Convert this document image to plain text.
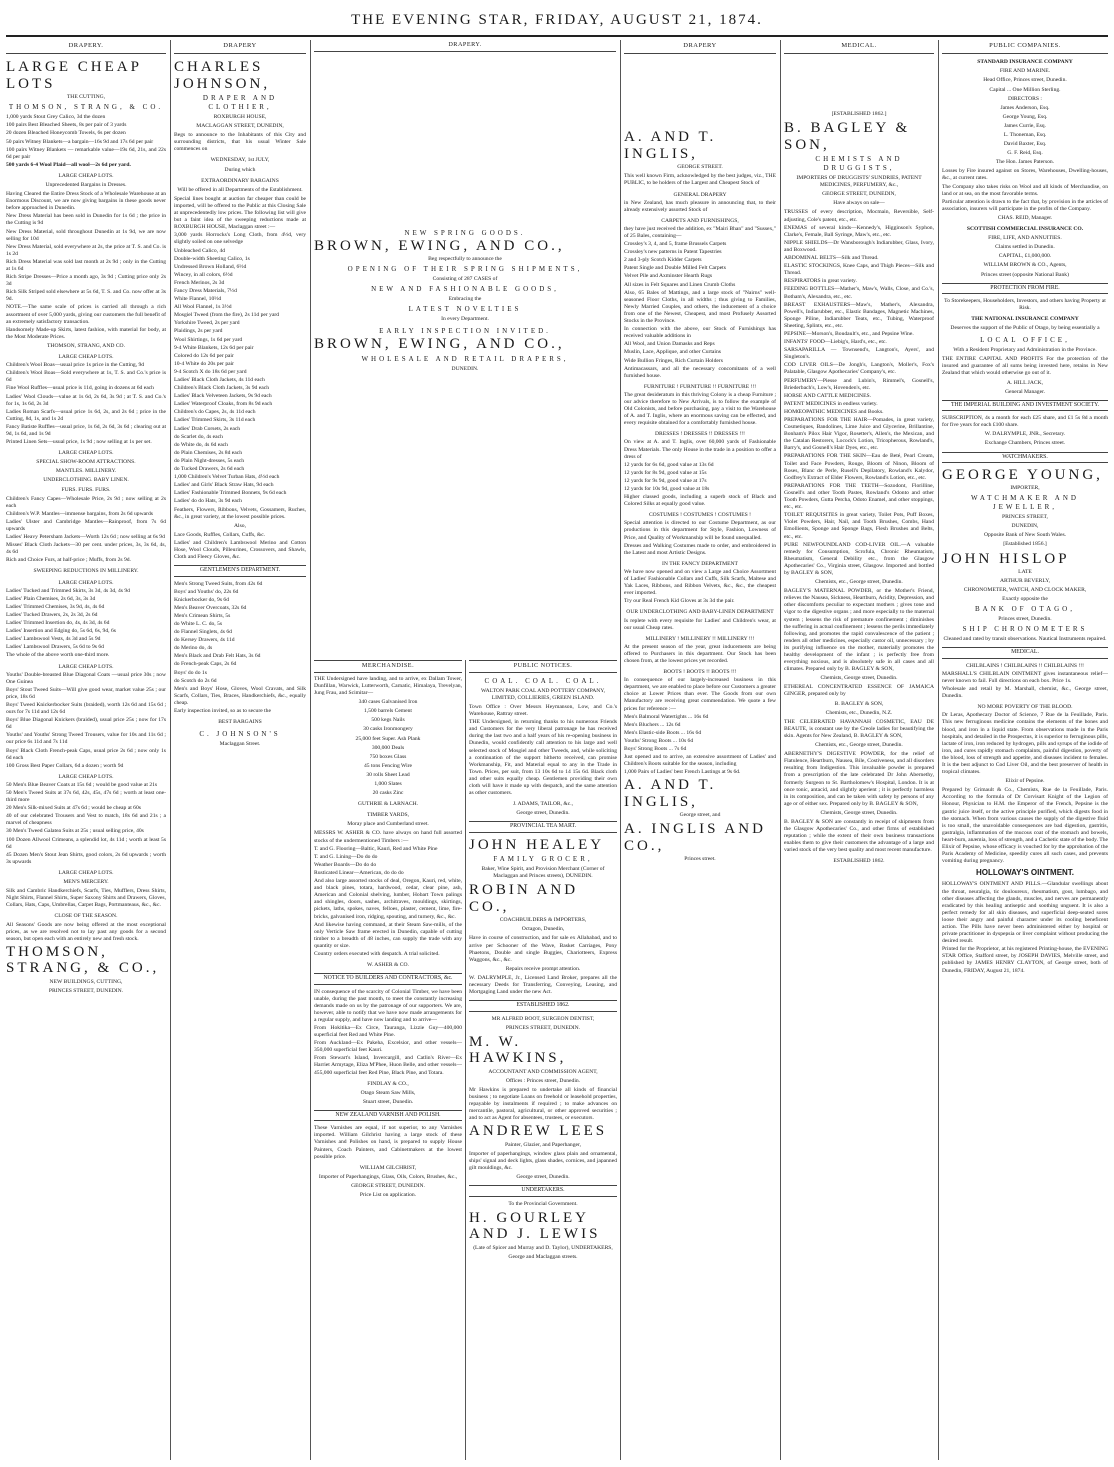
THE EVENING STAR, FRIDAY, AUGUST 21, 1874.
DRAPERY.
LARGE CHEAP LOTS
THE CUTTING,
THOMSON, STRANG, & CO.
1,000 yards Stout Grey Calico, 3d the dozen
100 pairs Best Bleached Sheets, 8s per pair of 3 yards
20 dozen Bleached Honeycomb Towels, 6s per dozen
50 pairs Witney Blankets—a bargain—16s 9d and 17s 6d per pair
100 pairs Witney Blankets — remarkable value—19s 6d, 21s, and 22s 6d per pair
500 yards 6-4 Wool Plaid—all wool—2s 6d per yard.
LARGE CHEAP LOTS.
Unprecedented Bargains in Dresses.
Having Cleared the Entire Dress Stock of a Wholesale Warehouse at an Enormous Discount, we are now giving bargains in these goods never before approached in Dunedin.
New Dress Material has been sold in Dunedin for 1s 6d ; the price in the Cutting is 9d
New Dress Material, sold throughout Dunedin at 1s 9d, we are now selling for 10d
New Dress Material, sold everywhere at 2s, the price at T. S. and Co. is 1s 2d
Rich Dress Material was sold last month at 2s 9d ; only in the Cutting at 1s 6d
Rich Stripe Dresses—Price a month ago, 3s 9d ; Cutting price only 2s 3d
Rich Silk Striped sold elsewhere at 5s 6d, T. S. and Co. now offer at 3s 9d.
NOTE.—The same scale of prices is carried all through a rich assortment of over 5,000 yards, giving our customers the full benefit of an extremely satisfactory transaction.
Handsomely Made-up Skirts, latest fashion, with material for body, at the Most Moderate Prices.
THOMSON, STRANG, AND CO.
LARGE CHEAP LOTS.
Children's Wool Boas—usual price 1s price in the Cutting, 9d
Children's Wool Boas—Sold everywhere at 1s, T. S. and Co.'s price is 6d
Fine Wool Ruffles—usual price is 11d, going in dozens at 6d each
Ladies' Wool Clouds—value at 1s 6d, 2s 6d, 3s 9d ; at T. S. and Co.'s for 1s, 1s 6d, 2s 3d
Ladies Roman Scarfs—usual price 1s 6d, 2s, and 2s 6d ; price in the Cutting, 8d, 1s, and 1s 2d
Fancy Batiste Ruffles—usual price, 1s 6d, 2s 6d, 3s 6d ; clearing out at 9d, 1s 6d, and 1s 9d
Printed Linen Sets—usual price, 1s 9d ; now selling at 1s per set.
LARGE CHEAP LOTS.
SPECIAL SHOW-ROOM ATTRACTIONS.
MANTLES. MILLINERY.
UNDERCLOTHING. BABY LINEN.
FURS. FURS. FURS.
Children's Fancy Capes—Wholesale Price, 2s 9d ; now selling at 2s each
Children's W.P. Mantles—immense bargains, from 2s 6d upwards
Ladies' Ulster and Cambridge Mantles—Rainproof, from 7s 6d upwards
Ladies' Heavy Petersham Jackets—Worth 12s 6d ; now selling at 6s 9d
Misses' Black Cloth Jackets—30 per cent. under prices, 3s, 3s 6d, 4s, 4s 6d
Rich and Choice Furs, at half-price ; Muffs, from 2s 9d.
SWEEPING REDUCTIONS IN MILLINERY.
LARGE CHEAP LOTS.
Ladies' Tucked and Trimmed Skirts, 3s 3d, 4s 3d, 4s 9d
Ladies' Plain Chemises, 2s 6d, 3s, 3s 3d
Ladies' Trimmed Chemises, 3s 9d, 4s, 4s 6d
Ladies' Tucked Drawers, 2s, 2s 3d, 2s 6d
Ladies' Trimmed Insertion do, 4s, 4s 3d, 4s 6d
Ladies' Insertion and Edging do, 5s 6d, 6s, 9d, 6s
Ladies' Lambswool Vests, 4s 3d and 5s 9d
Ladies' Lambswool Drawers, 5s 6d to 9s 6d
The whole of the above worth one-third more.
LARGE CHEAP LOTS.
Youths' Double-breasted Blue Diagonal Coats —usual price 30s ; now One Guinea
Boys' Stout Tweed Suits—Will give good wear, market value 25s ; our price, 18s 6d
Boys' Tweed Knickerbocker Suits (braided), worth 12s 6d and 15s 6d ; ours for 7s 11d and 12s 6d
Boys' Blue Diagonal Knickers (braided), usual price 25s ; now for 17s 6d
Youths' and Youths' Strong Tweed Trousers, value for 10s and 11s 6d ; our price 6s 11d and 7s 11d
Boys' Black Cloth French-peak Caps, usual price 2s 6d ; now only 1s 6d each
100 Gross Best Paper Collars, 6d a dozen ; worth 9d
LARGE CHEAP LOTS.
50 Men's Blue Beaver Coats at 15s 6d ; would be good value at 21s
50 Men's Tweed Suits at 37s 6d, 42s, 45s, 47s 6d ; worth at least one-third more
20 Men's Silk-mixed Suits at 47s 6d ; would be cheap at 60s
40 of our celebrated Trousers and Vest to match, 18s 6d and 21s ; a marvel of cheapness
30 Men's Tweed Galatea Suits at 25s ; usual selling price, 40s
100 Dozen Allwool Crimeans, a splendid lot, 4s 11d ; worth at least 5s 6d
45 Dozen Men's Stout Jean Shirts, good colors, 2s 6d upwards ; worth 3s upwards
LARGE CHEAP LOTS.
MEN'S MERCERY.
Silk and Cambric Handkerchiefs, Scarfs, Ties, Mufflers, Dress Shirts, Night Shirts, Flannel Shirts, Super Saxony Shirts and Drawers, Gloves, Collars, Hats, Caps, Umbrellas, Carpet Bags, Portmanteaus, &c., &c.
CLOSE OF THE SEASON.
All Seasons' Goods are now being offered at the most exceptional prices, as we are resolved not to lay past any goods for a second season, but open each with an entirely new and fresh stock.
THOMSON, STRANG, & CO.,
NEW BUILDINGS, CUTTING,
PRINCES STREET, DUNEDIN.
DRAPERY
CHARLES JOHNSON,
DRAPER AND CLOTHIER,
ROXBURGH HOUSE,
MACLAGGAN STREET, DUNEDIN,
Begs to announce to the Inhabitants of this City and surrounding districts, that his usual Winter Sale commences on
WEDNESDAY, 1st JULY,
During which
EXTRAORDINARY BARGAINS
Will be offered in all Departments of the Establishment.
Special lines bought at auction far cheaper than could be imported, will be offered to the Public at this Closing Sale at unprecedentedly low prices. The following list will give but a faint idea of the sweeping reductions made at ROXBURGH HOUSE, Maclaggan street :—
3,000 yards Horrocks's Long Cloth, from 4½d, very slightly soiled on one selvedge
Unbleached Calico, 4d
Double-width Sheeting Calico, 1s
Undressed Brown Holland, 6½d
Wincey, in all colors, 6½d
French Merinos, 2s 3d
Fancy Dress Materials, 7½d
White Flannel, 10½d
All Wool Flannel, 1s 3½d
Mosgiel Tweed (from the fire), 2s 11d per yard
Yorkshire Tweed, 2s per yard
Plaidings, 2s per yard
Wool Shirtings, 1s 6d per yard
9-4 White Blankets, 12s 6d per pair
Colored do 12s 6d per pair
10-4 White do 20s per pair
9-4 Scotch X do 18s 6d per yard
Ladies' Black Cloth Jackets, 4s 11d each
Children's Black Cloth Jackets, 3s 9d each
Ladies' Black Velveteen Jackets, 9s 9d each
Ladies' Waterproof Cloaks, from 8s 9d each
Children's do Capes, 2s, 4s 11d each
Ladies' Trimmed Skirts, 3s 11d each
Ladies' Drab Corsets, 2s each
do Scarlet do, 4s each
do White do, 4s 6d each
do Plain Chemises, 2s 8d each
do Plain Night-dresses, 5s each
do Tucked Drawers, 2s 6d each
1,000 Children's Velvet Turban Hats, 4½d each
Ladies' and Girls' Black Straw Hats, 9d each
Ladies' Fashionable Trimmed Bonnets, 9s 6d each
Ladies' do do Hats, 3s 9d each
Feathers, Flowers, Ribbons, Velvets, Gossamers, Ruches, &c., in great variety, at the lowest possible prices.
Also,
Lace Goods, Ruffles, Collars, Cuffs, &c.
Ladies' and Children's Lambswool Merino and Cotton Hose, Wool Clouds, Pilleurines, Crossovers, and Shawls, Cloth and Fleecy Gloves, &c.
GENTLEMEN'S DEPARTMENT.
Men's Strong Tweed Suits, from 42s 6d
Boys' and Youths' do, 22s 6d
Knickerbocker do, 9s 6d
Men's Beaver Overcoats, 32s 6d
Men's Crimean Shirts, 5s
do White L. C. do, 5s
do Flannel Singlets, 4s 6d
do Kersey Drawers, 4s 11d
do Merino do, 4s
Men's Black and Drab Felt Hats, 3s 6d
do French-peak Caps, 2s 6d
Boys' do do 1s
do Scotch do 2s 6d
Men's and Boys' Hose, Gloves, Wool Cravats, and Silk Scarfs, Collars, Ties, Braces, Handkerchiefs, &c., equally cheap.
Early inspection invited, so as to secure the
BEST BARGAINS
C. JOHNSON'S
Maclaggan Street.
DRAPERY.
NEW SPRING GOODS.
BROWN, EWING, AND CO.,
Beg respectfully to announce the
OPENING OF THEIR SPRING SHIPMENTS,
Consisting of 287 CASES of
NEW AND FASHIONABLE GOODS,
Embracing the
LATEST NOVELTIES
In every Department.
EARLY INSPECTION INVITED.
BROWN, EWING, AND CO.,
WHOLESALE AND RETAIL DRAPERS,
DUNEDIN.
MERCHANDISE.
THE Undersigned have landing, and to arrive, ex Dallam Tower, Dunfillan, Warwick, Lutterworth, Carnatic, Himalaya, Trevelyan, Jung Frau, and Scimitar—
340 cases Galvanised Iron
1,500 barrels Cement
500 kegs Nails
30 casks Ironmongery
25,000 feet Super. Ash Plank
300,000 Deals
750 boxes Glass
45 tons Fencing Wire
30 rolls Sheet Lead
1,000 Slates
20 casks Zinc
GUTHRIE & LARNACH.
TIMBER YARDS,
Moray place and Cumberland street.
MESSRS W. ASHER & CO. have always on hand full assorted stocks of the undermentioned Timbers :—
T. and G. Flooring—Baltic, Kauri, Red and White Pine
T. and G. Lining—Do do do
Weather Boards—Do do do
Rusticated Linear—American, do do do
And also large assorted stocks of deal, Oregon, Kauri, red, white, and black pines, totara, hardwood, cedar, clear pine, ash, American and Colonial shelving, lumber, Hobart Town palings and shingles, doors, sashes, architraves, mouldings, skirtings, pickets, laths, spokes, naves, felloes, plaster, cement, lime, fire-bricks, galvanised iron, ridging, spouting, and turnery, &c., &c.
And likewise having command, at their Steam Saw-mills, of the only Verticle Saw frame erected in Dunedin, capable of cutting timber to a breadth of 48 inches, can supply the trade with any quantity or size.
Country orders executed with despatch. A trial solicited.
W. ASHER & CO.
NOTICE TO BUILDERS AND CONTRACTORS, &c.
IN consequence of the scarcity of Colonial Timber, we have been unable, during the past month, to meet the constantly increasing demands made on us by the patronage of our supporters. We are, however, able to notify that we have now made arrangements for a regular supply, and have now landing and to arrive—
From Hokitika—Ex Circe, Tauranga, Lizzie Guy—400,000 superficial feet Red and White Pine.
From Auckland—Ex Pakeha, Excelsior, and other vessels—350,000 superficial feet Kauri.
From Stewart's Island, Invercargill, and Catlin's River—Ex Harriet Armytage, Eliza M'Phee, Huon Belle, and other vessels—455,000 superficial feet Red Pine, Black Pine, and Totara.
FINDLAY & CO.,
Otago Steam Saw Mills,
Stuart street, Dunedin.
NEW ZEALAND VARNISH AND POLISH.
These Varnishes are equal, if not superior, to any Varnishes imported. William Gilchrist having a large stock of these Varnishes and Polishes on hand, is prepared to supply House Painters, Coach Painters, and Cabinetmakers at the lowest possible price.
WILLIAM GILCHRIST,
Importer of Paperhangings, Glass, Oils, Colors, Brushes, &c.,
GEORGE STREET, DUNEDIN.
Price List on application.
PUBLIC NOTICES.
COAL. COAL. COAL.
WALTON PARK COAL AND POTTERY COMPANY, LIMITED, COLLIERIES, GREEN ISLAND.
Town Office : Over Messrs Heymanson, Low, and Co.'s Warehouse, Rattray street.
THE Undersigned, in returning thanks to his numerous Friends and Customers for the very liberal patronage he has received during the last two and a half years of his re-opening business in Dunedin, would confidently call attention to his large and well selected stock of Mosgiel and other Tweeds, and, while soliciting a continuation of the support hitherto received, can promise Workmanship, Fit, and Material equal to any in the Trade in Town. Prices, per suit, from 13 10s 6d to 14 15s 6d. Black cloth and other suits equally cheap. Gentlemen providing their own cloth will have it made up with despatch, and the same attention as other customers.
J. ADAMS, TAILOR, &c.,
George street, Dunedin.
PROVINCIAL TEA MART.
JOHN HEALEY
FAMILY GROCER,
Baker, Wine Spirit, and Provision Merchant (Corner of Maclaggan and Princes streets), DUNEDIN.
ROBIN AND CO.,
COACHBUILDERS & IMPORTERS,
Octagon, Dunedin,
Have in course of construction, and for sale ex Allahabad, and to arrive per Schooner of the Wave, Basket Carriages, Pony Phaetons, Double and single Buggies, Chariotteers, Express Waggons, &c., &c.
Repairs receive prompt attention.
W. DALRYMPLE, Jr., Licensed Land Broker, prepares all the necessary Deeds for Transferring, Conveying, Leasing, and Mortgaging Land under the new Act.
ESTABLISHED 1862.
MR ALFRED BOOT, SURGEON DENTIST,
PRINCES STREET, DUNEDIN.
M. W. HAWKINS,
ACCOUNTANT AND COMMISSION AGENT,
Offices : Princes street, Dunedin.
Mr Hawkins is prepared to undertake all kinds of financial business ; to negotiate Loans on freehold or leasehold properties, repayable by instalments if required ; to make advances on mercantile, pastoral, agricultural, or other approved securities ; and to act as Agent for absentees, trustees, or executors.
ANDREW LEES
Painter, Glazier, and Paperhanger,
Importer of paperhangings, window glass plain and ornamental, ships' signal and deck lights, glass shades, cornices, and japanned gilt mouldings, &c.
George street, Dunedin.
UNDERTAKERS.
To the Provincial Government.
H. GOURLEY AND J. LEWIS
(Late of Spicer and Murray and D. Taylor), UNDERTAKERS,
George and Maclaggan streets.
DRAPERY
A. AND T. INGLIS,
GEORGE STREET.
This well known Firm, acknowledged by the best judges, viz., THE PUBLIC, to be holders of the Largest and Cheapest Stock of
GENERAL DRAPERY
in New Zealand, has much pleasure in announcing that, to their already extensively assorted Stock of
CARPETS AND FURNISHINGS,
they have just received the addition, ex "Mairi Bhan" and "Sussex," of 25 Bales, containing—
Crossley's 3, 4, and 5, frame Brussels Carpets
Crossley's new patterns in Patent Tapestries
2 and 3-ply Scotch Kidder Carpets
Patent Single and Double Milled Felt Carpets
Velvet Pile and Axminster Hearth Rugs
All sizes in Felt Squares and Linen Crumb Cloths
Also, 65 Bales of Mattings, and a large stock of "Nairns" well-seasoned Floor Cloths, in all widths ; thus giving to Families, Newly Married Couples, and others, the inducement of a choice from one of the Newest, Cheapest, and most Profusely Assorted Stocks in the Province.
In connection with the above, our Stock of Furnishings has received valuable additions in
All Wool, and Union Damasks and Reps
Muslin, Lace, Applique, and other Curtains
Wide Bullion Fringes, Rich Curtain Holders
Antimacassars, and all the necessary concomitants of a well furnished house.
FURNITURE ! FURNITURE !! FURNITURE !!!
The great desideratum in this thriving Colony is a cheap Furniture ; our advice therefore to New Arrivals, is to follow the example of Old Colonists, and before purchasing, pay a visit to the Warehouse of A. and T. Inglis, where an enormous saving can be effected, and every requisite obtained for a comfortably furnished house.
DRESSES ! DRESSES !! DRESSES !!!
On view at A. and T. Inglis, over 60,000 yards of Fashionable Dress Materials. The only House in the trade in a position to offer a dress of
12 yards for 6s 6d, good value at 13s 6d
12 yards for 8s 9d, good value at 15s
12 yards for 9s 9d, good value at 17s
12 yards for 10s 9d, good value at 18s
Higher classed goods, including a superb stock of Black and Colored Silks at equally good value.
COSTUMES ! COSTUMES ! COSTUMES !
Special attention is directed to our Costume Department, as our productions in this department for Style, Fashion, Lowness of Price, and Quality of Workmanship will be found unequalled.
Dresses and Walking Costumes made to order, and embroidered in the Latest and most Artistic Designs.
IN THE FANCY DEPARTMENT
We have now opened and on view a Large and Choice Assortment of Ladies' Fashionable Collars and Cuffs, Silk Scarfs, Maltese and Yak Laces, Ribbons, and Ribbon Velvets, &c., &c., the cheapest ever imported.
Try our Real French Kid Gloves at 3s 3d the pair.
OUR UNDERCLOTHING AND BABY-LINEN DEPARTMENT
Is replete with every requisite for Ladies' and Children's wear, at our usual Cheap rates.
MILLINERY ! MILLINERY !! MILLINERY !!!
At the present season of the year, great inducements are being offered to Purchasers in this department. Our Stock has been chosen from, at the lowest prices yet recorded.
BOOTS ! BOOTS !! BOOTS !!!
In consequence of our largely-increased business in this department, we are enabled to place before our Customers a greater choice at Lower Prices than ever. The Goods from our own Manufactory are receiving great commendation. We quote a few prices for reference :—
Men's Balmoral Watertights ... 16s 6d
Men's Bluchers ... 12s 6d
Men's Elastic-side Boots ... 16s 6d
Youths' Strong Boots ... 10s 6d
Boys' Strong Boots ... 7s 6d
Just opened and to arrive, an extensive assortment of Ladies' and Children's Boots suitable for the season, including
1,000 Pairs of Ladies' best French Lastings at 9s 6d.
A. AND T. INGLIS,
George street, and
A. INGLIS AND CO.,
Princes street.
MEDICAL.
[ESTABLISHED 1862.]
B. BAGLEY & SON,
CHEMISTS AND DRUGGISTS,
IMPORTERS OF DRUGGISTS' SUNDRIES, PATENT MEDICINES, PERFUMERY, &c.,
GEORGE STREET, DUNEDIN,
Have always on sale—
TRUSSES of every description, Mocmain, Reversible, Self-adjusting, Cole's patent, etc., etc.
ENEMAS of several kinds—Kennedy's, Higginson's Syphon, Clarke's, Female, Ball Syringe, Maw's, etc., etc.
NIPPLE SHIELDS—Dr Wansborough's Indiarubber, Glass, Ivory, and Boxwood.
ABDOMINAL BELTS—Silk and Thread.
ELASTIC STOCKINGS, Knee Caps, and Thigh Pieces—Silk and Thread.
RESPIRATORS in great variety.
FEEDING BOTTLES—Mather's, Maw's, Walls, Close, and Co.'s, Botham's, Alexandra, etc., etc.
BREAST EXHAUSTERS—Maw's, Mather's, Alexandra, Powell's, Indiarubber, etc., Elastic Bandages, Magnetic Machines, Sponge Piline, Indiarubber Teats, etc., Tubing, Waterproof Sheeting, Splints, etc., etc.
PEPSINE—Morson's, Boudault's, etc., and Pepsine Wine.
INFANTS' FOOD—Liebig's, Hard's, etc., etc.
SARSAPARILLA — Townsend's, Langton's, Ayers', and Singleton's.
COD LIVER OILS—De Jongh's, Langton's, Moller's, Fox's Palatable, Glasgow Apothecaries' Company's, etc.
PERFUMERY—Piesse and Lubin's, Rimmel's, Gosnell's, Briederbach's, Low's, Hovenden's, etc.
HORSE AND CATTLE MEDICINES.
PATENT MEDICINES in endless variety.
HOMŒOPATHIC MEDICINES and Books.
PREPARATIONS FOR THE HAIR—Pomades, in great variety, Cosmetiques, Bandolines, Lime Juice and Glycerine, Brillantine, Bonham's Pilox Hair Vigor, Rosetter's, Allen's, the Mexican, and the Catalan Restorers, Locock's Lotion, Tricopherous, Rowland's, Barry's, and Gosnell's Hair Dyes, etc., etc.
PREPARATIONS FOR THE SKIN—Eau de Beté, Pearl Cream, Toilet and Face Powders, Rouge, Bloom of Ninon, Bloom of Roses, Blanc de Perle, Rusell's Depilatory, Rowland's Kalydor, Godfrey's Extract of Elder Flowers, Rowland's Lotion, etc., etc.
PREPARATIONS FOR THE TEETH—Sozodont, Florilline, Gosnell's and other Tooth Pastes, Rowland's Odonto and other Tooth Powders, Gutta Percha, Odoto Enamel, and other stoppings, etc., etc.
TOILET REQUISITES in great variety, Toilet Pots, Puff Boxes, Violet Powders, Hair, Nail, and Tooth Brushes, Combs, Hand Emollients, Sponge and Sponge Bags, Flesh Brushes and Belts, etc., etc.
PURE NEWFOUNDLAND COD-LIVER OIL.—A valuable remedy for Consumption, Scrofula, Chronic Rheumatism, Rheumatism, General Debility etc., from the Glasgow Apothecaries' Co., Virginia street, Glasgow. Imported and bottled by BAGLEY & SON,
Chemists, etc., George street, Dunedin.
BAGLEY'S MATERNAL POWDER, or the Mother's Friend, relieves the Nausea, Sickness, Heartburn, Acidity, Depression, and other discomforts peculiar to expectant mothers ; gives tone and vigor to the digestive organs ; and more especially to the maternal system ; lessens the risk of premature confinement ; diminishes the suffering in actual confinement ; lessens the perils immediately following, and promotes the rapid convalescence of the patient ; renders all other medicines, especially castor oil, unnecessary ; by its purifying influence on the mother, materially promotes the healthy development of the infant ; is perfectly free from everything noxious, and is absolutely safe in all cases and all climates. Prepared only by B. BAGLEY & SON,
Chemists, George street, Dunedin.
ETHEREAL CONCENTRATED ESSENCE OF JAMAICA GINGER, prepared only by
B. BAGLEY & SON,
Chemists, etc., Dunedin, N.Z.
THE CELEBRATED HAVANNAH COSMETIC, EAU DE BEAUTE, is constant use by the Creole ladies for beautifying the skin. Agents for New Zealand, B. BAGLEY & SON,
Chemists, etc., George street, Dunedin.
ABERNETHY'S DIGESTIVE POWDER, for the relief of Flatulence, Heartburn, Nausea, Bile, Costiveness, and all disorders resulting from Indigestion. This invaluable powder is prepared from a prescription of the late celebrated Dr John Abernethy, formerly Surgeon to St. Bartholomew's Hospital, London. It is at once tonic, antacid, and slightly aperient ; it is perfectly harmless in its composition, and can be taken with safety by persons of any age or of either sex. Prepared only by B. BAGLEY & SON,
Chemists, George street, Dunedin.
B. BAGLEY & SON are constantly in receipt of shipments from the Glasgow Apothecaries' Co., and other firms of established reputation ; while the extent of their own business transactions enables them to give their customers the advantage of a large and varied stock of the very best quality and most recent manufacture.
ESTABLISHED 1862.
PUBLIC COMPANIES.
STANDARD INSURANCE COMPANY
FIRE AND MARINE.
Head Office, Princes street, Dunedin.
Capital ... One Million Sterling.
DIRECTORS :
James Anderson, Esq.
George Young, Esq.
James Currie, Esq.
L. Thoneman, Esq.
David Baxter, Esq.
G. F. Reid, Esq.
The Hon. James Paterson.
Losses by Fire insured against on Stores, Warehouses, Dwelling-houses, &c., at current rates.
The Company also takes risks on Wool and all kinds of Merchandise, on land or at sea, on the most favorable terms.
Particular attention is drawn to the fact that, by provision in the articles of association, insurers will participate in the profits of the Company.
CHAS. REID, Manager.
SCOTTISH COMMERCIAL INSURANCE CO.
FIRE, LIFE, AND ANNUITIES.
Claims settled in Dunedin.
CAPITAL, £1,000,000.
WILLIAM BROWN & CO., Agents,
Princes street (opposite National Bank)
PROTECTION FROM FIRE.
To Storekeepers, Householders, Investors, and others having Property at Risk.
THE NATIONAL INSURANCE COMPANY
Deserves the support of the Public of Otago, by being essentially a
LOCAL OFFICE,
With a Resident Proprietary and Administration in the Province.
THE ENTIRE CAPITAL AND PROFITS For the protection of the insured and guarantee of all sums being invested here, retains in New Zealand that which would otherwise go out of it.
A. HILL JACK,
General Manager.
THE IMPERIAL BUILDING AND INVESTMENT SOCIETY.
SUBSCRIPTION, 4s a month for each £25 share, and £1 5s 8d a month for five years for each £100 share.
W. DALRYMPLE, JNR., Secretary.
Exchange Chambers, Princes street.
WATCHMAKERS.
GEORGE YOUNG,
IMPORTER,
WATCHMAKER AND JEWELLER,
PRINCES STREET,
DUNEDIN,
Opposite Bank of New South Wales.
[Established 1856.]
JOHN HISLOP
LATE
ARTHUR BEVERLY,
CHRONOMETER, WATCH, AND CLOCK MAKER,
Exactly opposite the
BANK OF OTAGO,
Princes street, Dunedin.
SHIP CHRONOMETERS
Cleaned and rated by transit observations. Nautical Instruments repaired.
MEDICAL.
CHILBLAINS ! CHILBLAINS !! CHILBLAINS !!!
MARSHALL'S CHILBLAIN OINTMENT gives instantaneous relief—never known to fail. Full directions on each box. Price 1s.
Wholesale and retail by M. Marshall, chemist, &c., George street, Dunedin.
NO MORE POVERTY OF THE BLOOD.
Dr Leras, Apothecary Doctor of Science, 7 Rue de la Feuillade, Paris. This new ferruginous medicine contains the elements of the bones and blood, and iron in a liquid state. From observations made in the Paris hospitals, and detailed in the Prospectus, it is superior to ferruginous pills, lactate of iron, iron reduced by hydrogen, pills and syrups of the iodide of iron, and cures rapidly stomach complaints, painful digestion, poverty of the blood, loss of strength and appetite, and diseases incident to females. It is the best adjunct to Cod Liver Oil, and the best preserver of health in tropical climates.
Elixir of Pepsine.
Prepared by Grimault & Co., Chemists, Rue de la Feuillade, Paris. According to the formula of Dr Corvisart Knight of the Legion of Honour, Physician to H.M. the Emperor of the French, Pepsine is the gastric juice itself, or the active principle purified, which digests food in the stomach. When from various causes the supply of the digestive fluid is too small, the unavoidable consequences are bad digestion, gastritis, gastralgia, inflammation of the mucous coat of the stomach and bowels, heart-burn, anæmia, loss of strength, and a Cachetic state of the body. The Elixir of Pepsine, whose efficacy is vouched for by the approbation of the Paris Academy of Medicine, speedily cures all such cases, and prevents vomiting during pregnancy.
HOLLOWAY'S OINTMENT.
HOLLOWAY'S OINTMENT AND PILLS.—Glandular swellings about the throat, neuralgia, tic douloureux, rheumatism, gout, lumbago, and other diseases affecting the glands, muscles, and nerves are permanently eradicated by this healing antiseptic and soothing unguent. It is also a perfect remedy for all skin diseases, and superficial deep-seated sores loose their angry and painful character under its cooling beneficent action. The Pills have never been administered either by hospital or private practitioner in dyspepsia or liver complaint without producing the desired result.
Printed for the Proprietor, at his registered Printing-house, the EVENING STAR Office, Stafford street, by JOSEPH DAVIES, Melville street, and published by JAMES HENRY CLAYTON, of George street, both of Dunedin, FRIDAY, August 21, 1874.
